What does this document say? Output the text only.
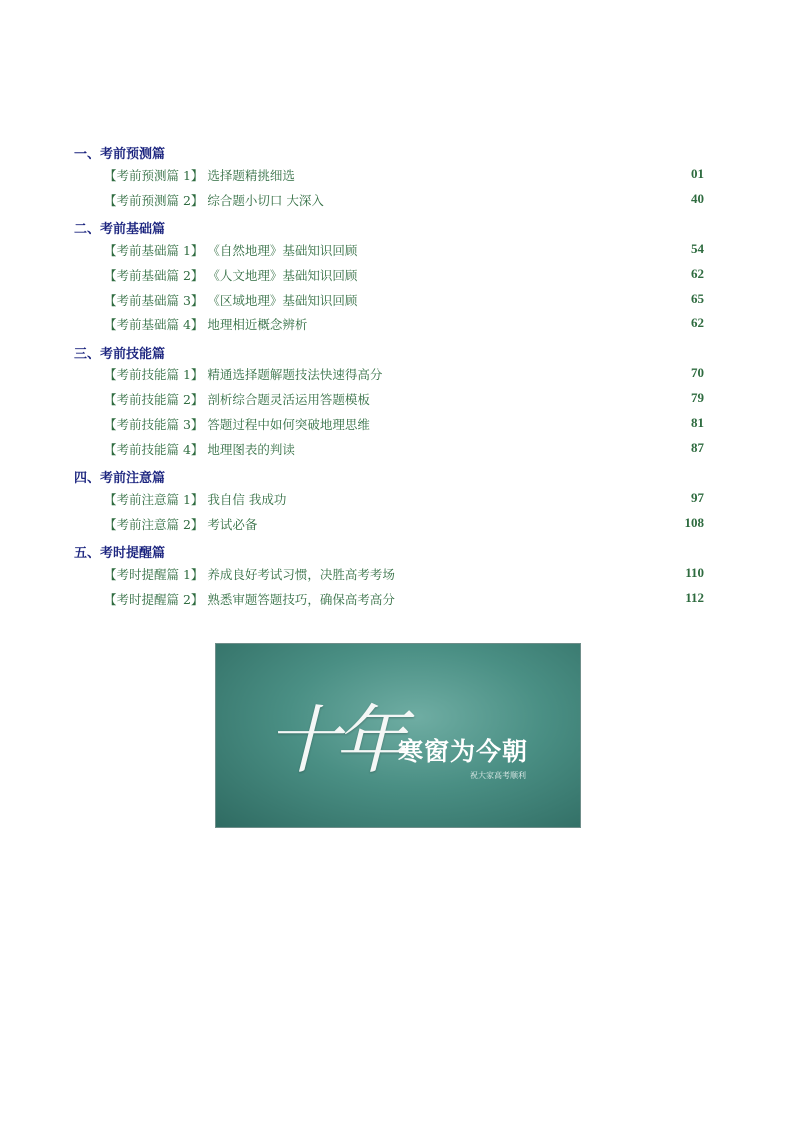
一、考前预测篇
【考前预测篇 1】 选择题精挑细选	01
【考前预测篇 2】 综合题小切口 大深入	40
二、考前基础篇
【考前基础篇 1】 《自然地理》基础知识回顾	54
【考前基础篇 2】 《人文地理》基础知识回顾	62
【考前基础篇 3】 《区域地理》基础知识回顾	65
【考前基础篇 4】 地理相近概念辨析	62
三、考前技能篇
【考前技能篇 1】 精通选择题解题技法快速得高分	70
【考前技能篇 2】 剖析综合题灵活运用答题模板	79
【考前技能篇 3】 答题过程中如何突破地理思维	81
【考前技能篇 4】 地理图表的判读	87
四、考前注意篇
【考前注意篇 1】 我自信 我成功	97
【考前注意篇 2】 考试必备	108
五、考时提醒篇
【考时提醒篇 1】 养成良好考试习惯，决胜高考考场	110
【考时提醒篇 2】 熟悉审题答题技巧，确保高考高分	112
十年
寒窗为今朝
祝大家高考顺利
